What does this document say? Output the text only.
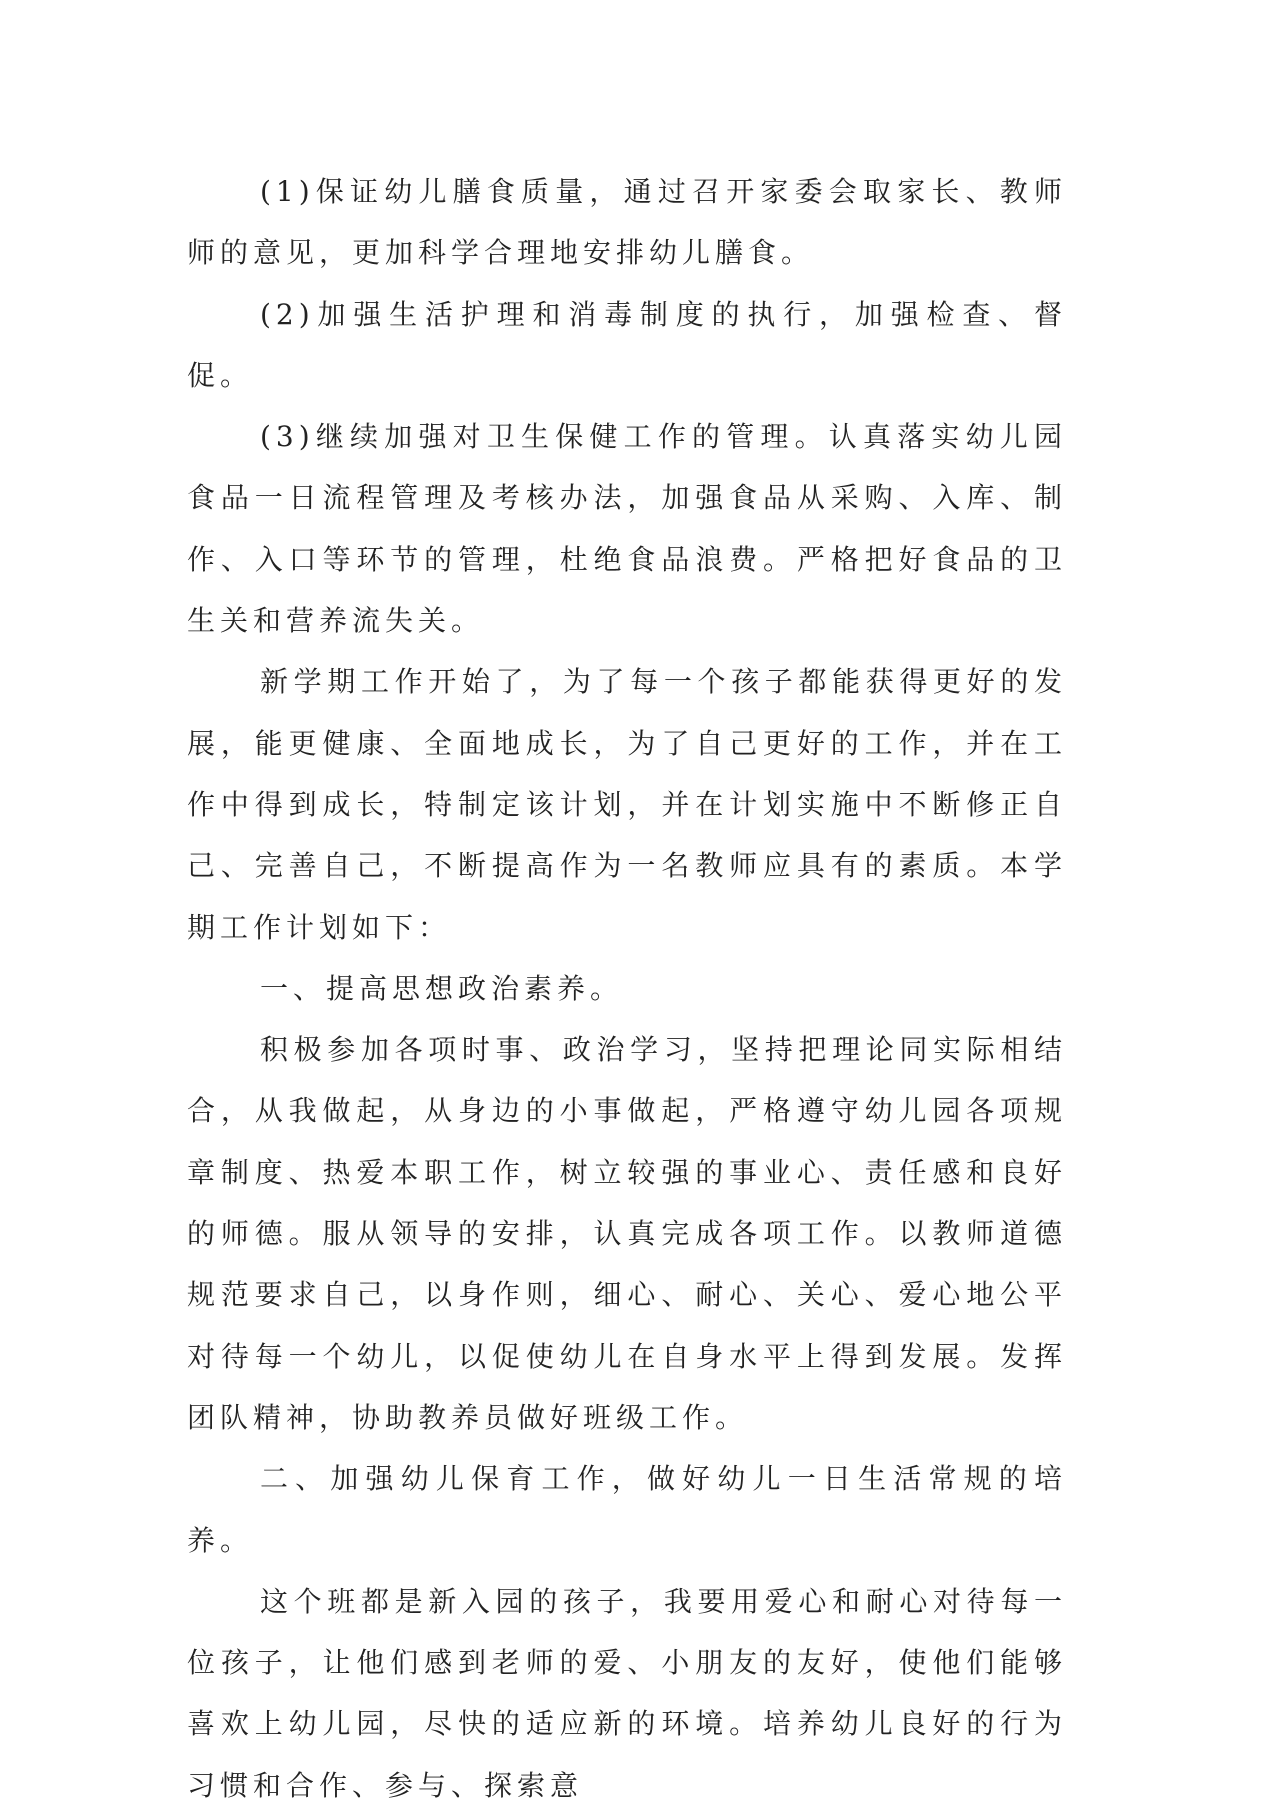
(1)保证幼儿膳食质量，通过召开家委会取家长、教师师的意见，更加科学合理地安排幼儿膳食。

(2)加强生活护理和消毒制度的执行，加强检查、督促。

(3)继续加强对卫生保健工作的管理。认真落实幼儿园食品一日流程管理及考核办法，加强食品从采购、入库、制作、入口等环节的管理，杜绝食品浪费。严格把好食品的卫生关和营养流失关。

新学期工作开始了，为了每一个孩子都能获得更好的发展，能更健康、全面地成长，为了自己更好的工作，并在工作中得到成长，特制定该计划，并在计划实施中不断修正自己、完善自己，不断提高作为一名教师应具有的素质。本学期工作计划如下：

一、提高思想政治素养。

积极参加各项时事、政治学习，坚持把理论同实际相结合，从我做起，从身边的小事做起，严格遵守幼儿园各项规章制度、热爱本职工作，树立较强的事业心、责任感和良好的师德。服从领导的安排，认真完成各项工作。以教师道德规范要求自己，以身作则，细心、耐心、关心、爱心地公平对待每一个幼儿，以促使幼儿在自身水平上得到发展。发挥团队精神，协助教养员做好班级工作。

二、加强幼儿保育工作，做好幼儿一日生活常规的培养。

这个班都是新入园的孩子，我要用爱心和耐心对待每一位孩子，让他们感到老师的爱、小朋友的友好，使他们能够喜欢上幼儿园，尽快的适应新的环境。培养幼儿良好的行为习惯和合作、参与、探索意
